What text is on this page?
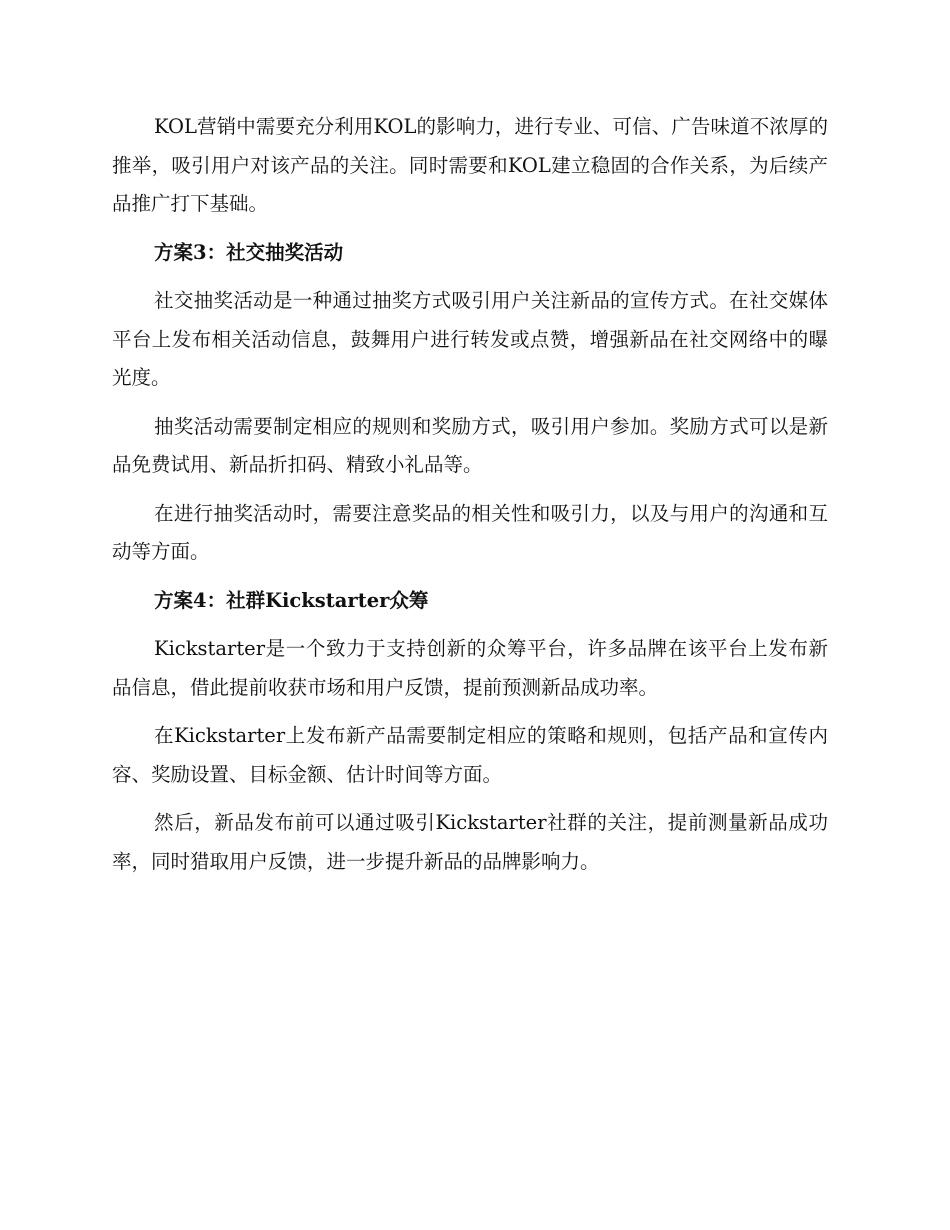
KOL营销中需要充分利用KOL的影响力，进行专业、可信、广告味道不浓厚的推举，吸引用户对该产品的关注。同时需要和KOL建立稳固的合作关系，为后续产品推广打下基础。

方案3：社交抽奖活动

社交抽奖活动是一种通过抽奖方式吸引用户关注新品的宣传方式。在社交媒体平台上发布相关活动信息，鼓舞用户进行转发或点赞，增强新品在社交网络中的曝光度。

抽奖活动需要制定相应的规则和奖励方式，吸引用户参加。奖励方式可以是新品免费试用、新品折扣码、精致小礼品等。

在进行抽奖活动时，需要注意奖品的相关性和吸引力，以及与用户的沟通和互动等方面。

方案4：社群Kickstarter众筹

Kickstarter是一个致力于支持创新的众筹平台，许多品牌在该平台上发布新品信息，借此提前收获市场和用户反馈，提前预测新品成功率。

在Kickstarter上发布新产品需要制定相应的策略和规则，包括产品和宣传内容、奖励设置、目标金额、估计时间等方面。

然后，新品发布前可以通过吸引Kickstarter社群的关注，提前测量新品成功率，同时猎取用户反馈，进一步提升新品的品牌影响力。
